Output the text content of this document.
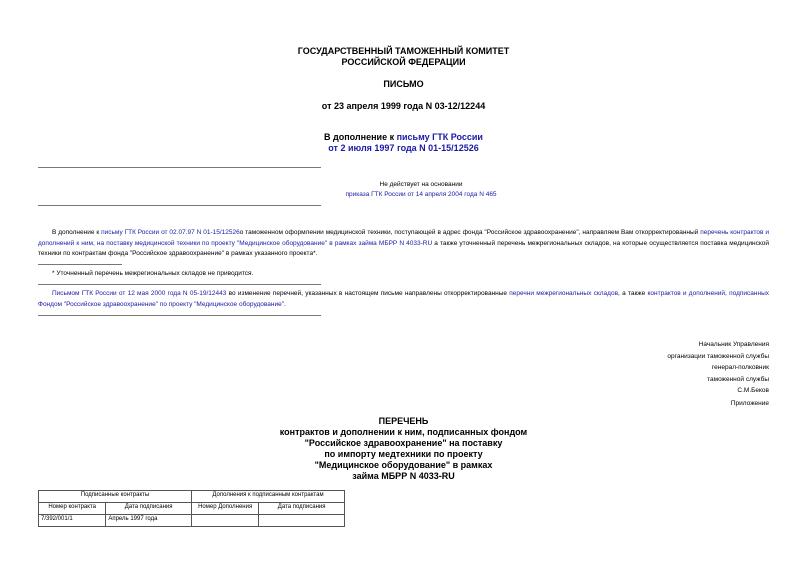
ГОСУДАРСТВЕННЫЙ ТАМОЖЕННЫЙ КОМИТЕТ
РОССИЙСКОЙ ФЕДЕРАЦИИ
ПИСЬМО
от 23 апреля 1999 года N 03-12/12244
В дополнение к письму ГТК России
от 2 июля 1997 года N 01-15/12526
Не действует на основании
приказа ГТК России от 14 апреля 2004 года N 465
В дополнение к письму ГТК России от 02.07.97 N 01-15/12526о таможенном оформлении медицинской техники, поступающей в адрес фонда "Российское здравоохранение", направляем Вам откорректированный перечень контрактов и дополнений к ним, на поставку медицинской техники по проекту "Медицинское оборудование" в рамках займа МБРР N 4033-RU а также уточненный перечень межрегиональных складов, на которые осуществляется поставка медицинской техники по контрактам фонда "Российское здравоохранение" в рамках указанного проекта*.
* Уточненный перечень межрегиональных складов не приводится.
Письмом ГТК России от 12 мая 2000 года N 05-19/12443 во изменение перечней, указанных в настоящем письме направлены откорректированные перечни межрегиональных складов, а также контрактов и дополнений, подписанных Фондом "Российское здравоохранение" по проекту "Медицинское оборудование".
Начальник Управления
организации таможенной службы
генерал-полковник
таможенной службы
С.М.Беков
Приложение
ПЕРЕЧЕНЬ
контрактов и дополнении к ним, подписанных фондом
"Российское здравоохранение" на поставку
по импорту медтехники по проекту
"Медицинское оборудование" в рамках
займа МБРР N 4033-RU
Подписанные контракты		Дополнения к подписанным контрактам	
Номер контракта	Дата подписания	Номер Дополнения	Дата подписания
7/392/001/1	Апрель 1997 года		
